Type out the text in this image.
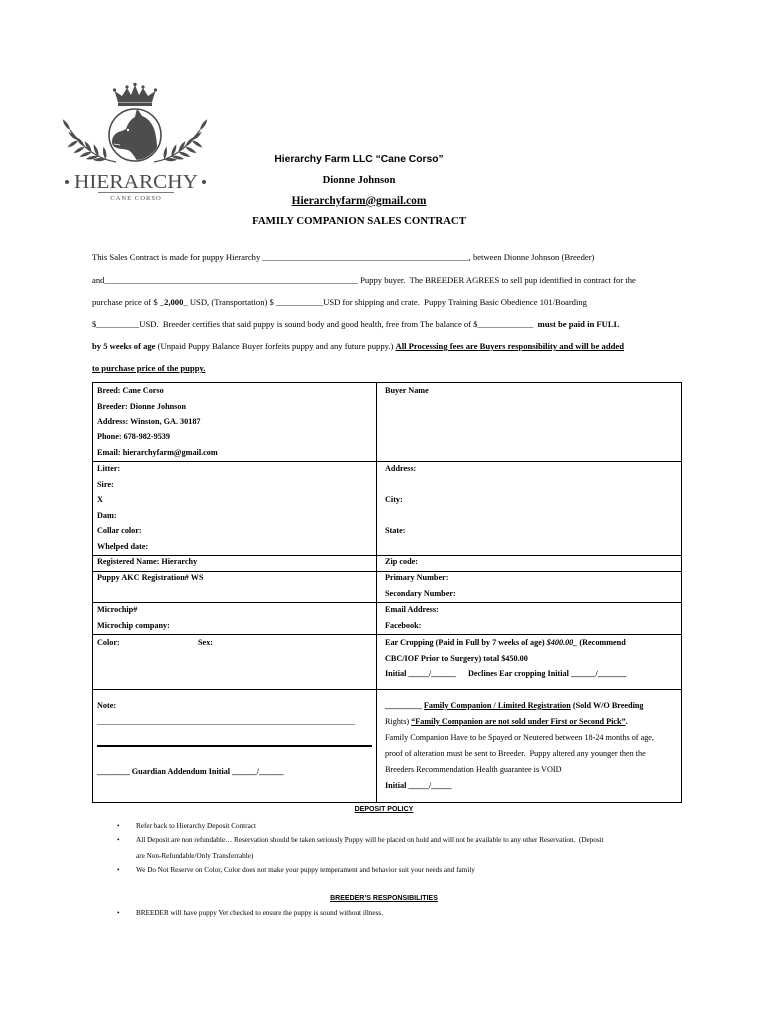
HIERARCHY
CANE CORSO
Hierarchy Farm LLC “Cane Corso”
Dionne Johnson
Hierarchyfarm@gmail.com
FAMILY COMPANION SALES CONTRACT
This Sales Contract is made for puppy Hierarchy ________________________________________________, between Dionne Johnson (Breeder)
and___________________________________________________________ Puppy buyer.  The BREEDER AGREES to sell pup identified in contract for the
purchase price of $ _2,000_ USD, (Transportation) $ ___________USD for shipping and crate.  Puppy Training Basic Obedience 101/Boarding
$__________USD.  Breeder certifies that said puppy is sound body and good health, free from The balance of $_____________  must be paid in FULL
by 5 weeks of age (Unpaid Puppy Balance Buyer forfeits puppy and any future puppy.) All Processing fees are Buyers responsibility and will be added
to purchase price of the puppy.
Breed: Cane Corso
Breeder: Dionne Johnson
Address: Winston, GA. 30187
Phone: 678-982-9539
Email: hierarchyfarm@gmail.com
Litter:
Sire:
X
Dam:
Collar color:
Whelped date:
Registered Name: Hierarchy
Puppy AKC Registration# WS
Microchip#
Microchip company:
Color:	Sex:
Note:
_______________________________________________________________
________ Guardian Addendum Initial ______/______
Buyer Name
Address:
City:
State:
Zip code:
Primary Number:
Secondary Number:
Email Address:
Facebook:
Ear Cropping (Paid in Full by 7 weeks of age) $400.00_ (Recommend
CBC/IOF Prior to Surgery) total $450.00
Initial _____/______ Declines Ear cropping Initial ______/_______
_________ Family Companion / Limited Registration (Sold W/O Breeding
Rights) “Family Companion are not sold under First or Second Pick”.
Family Companion Have to be Spayed or Neutered between 18-24 months of age,
proof of alteration must be sent to Breeder.  Puppy altered any younger then the
Breeders Recommendation Health guarantee is VOID
Initial _____/_____
DEPOSIT POLICY
• Refer back to Hierarchy Deposit Contract
• All Deposit are non refundable… Reservation should be taken seriously Puppy will be placed on hold and will not be available to any other Reservation.  (Deposit
are Non-Refundable/Only Transferrable)
• We Do Not Reserve on Color, Color does not make your puppy temperament and behavior suit your needs and family
BREEDER’S RESPONSIBILITIES
• BREEDER will have puppy Vet checked to ensure the puppy is sound without illness.
